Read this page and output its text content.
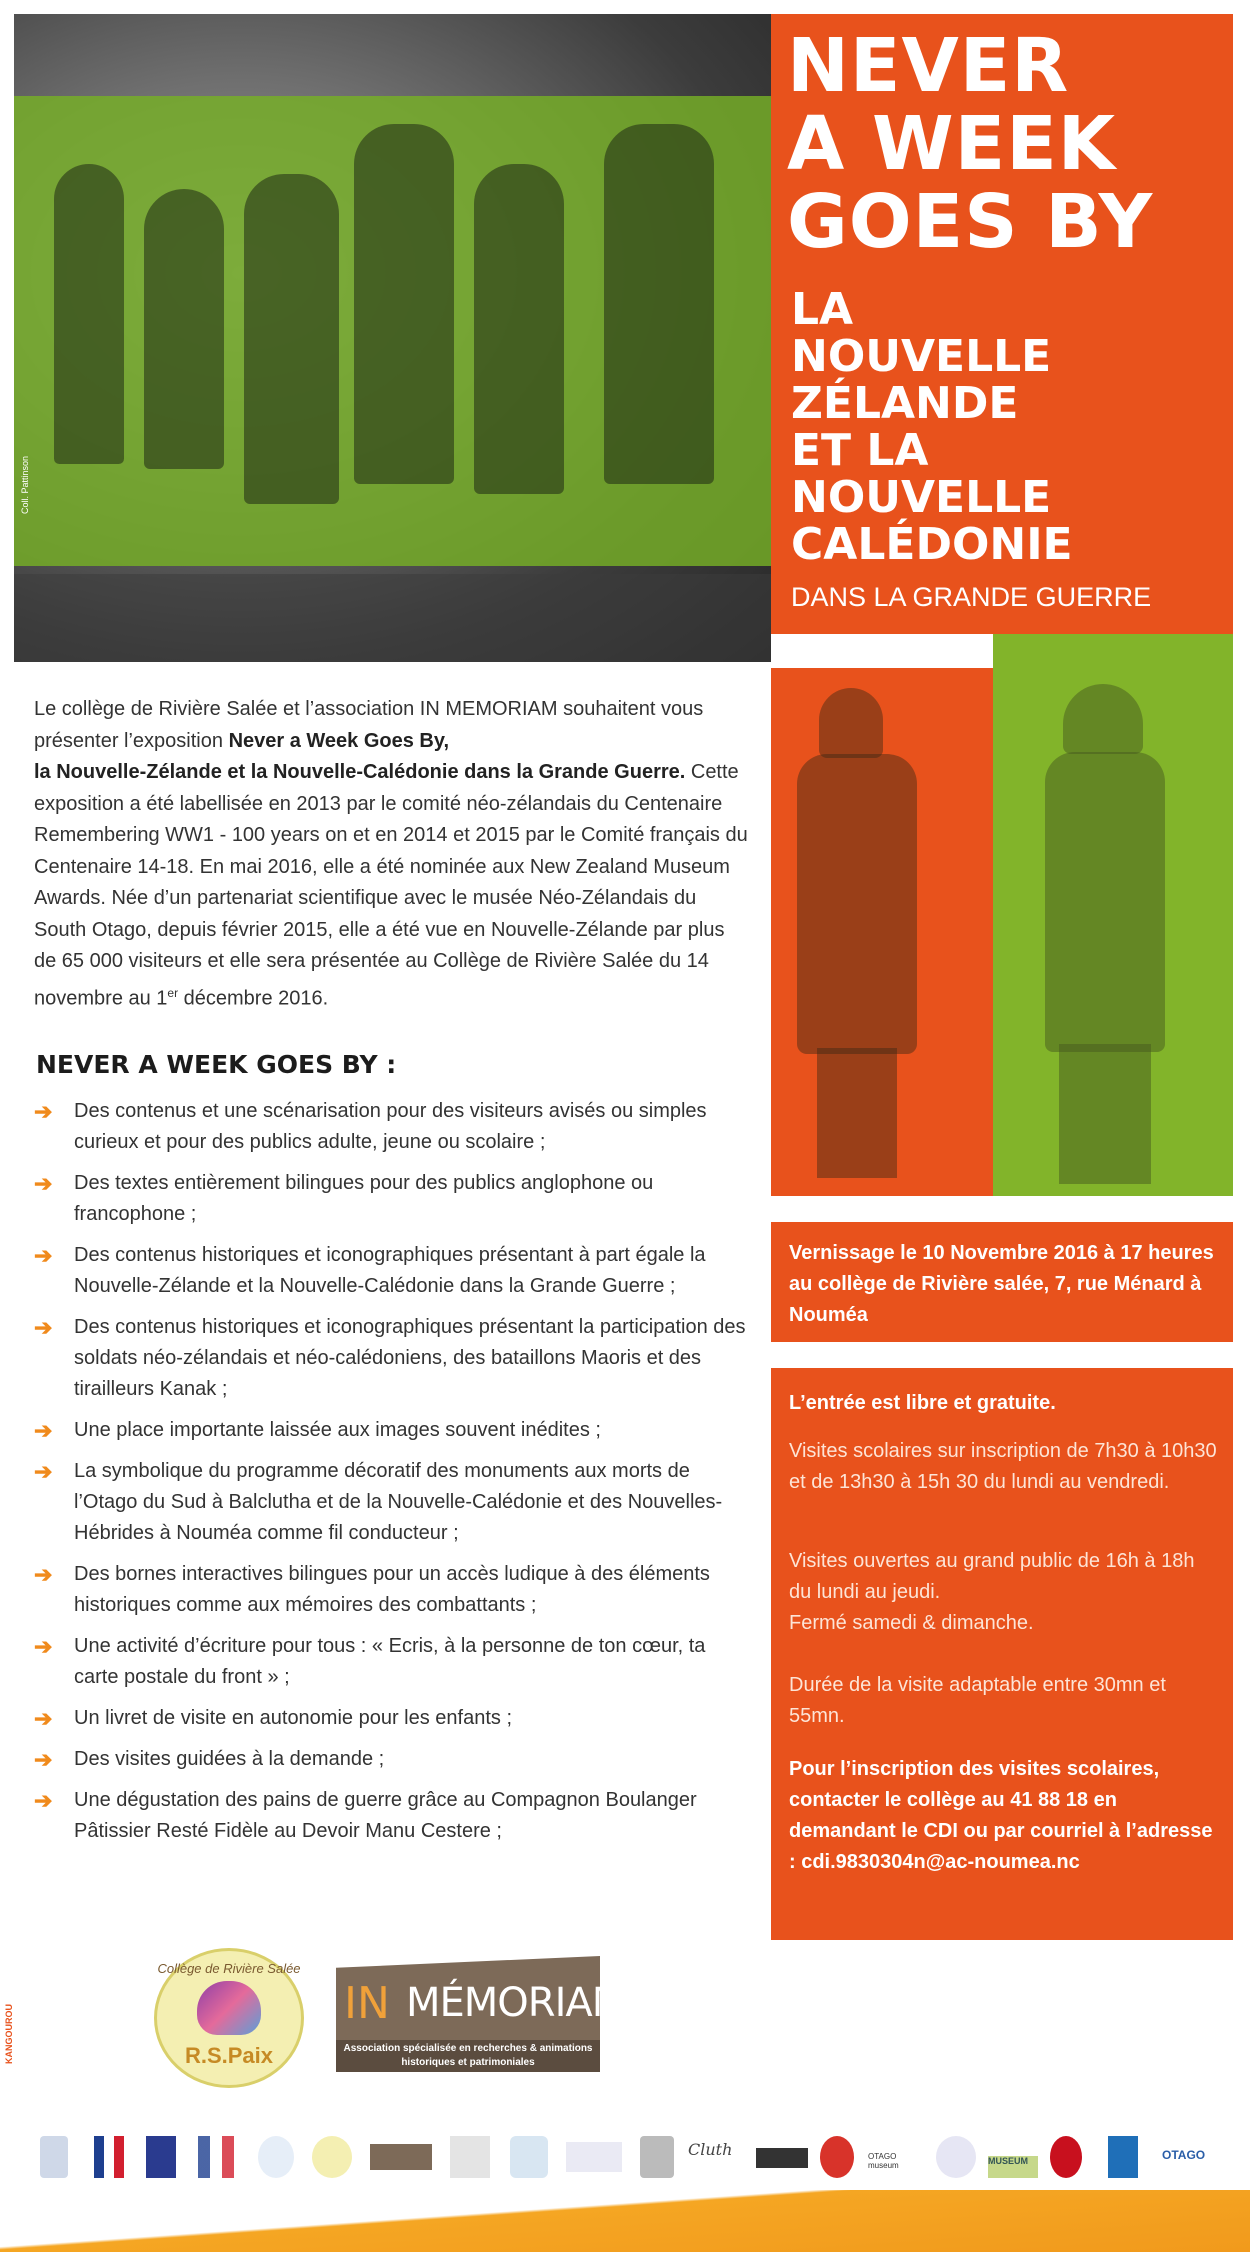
Coll. Pattinson
NEVER
A WEEK
GOES BY
LA
NOUVELLE
ZÉLANDE
ET LA
NOUVELLE
CALÉDONIE
DANS LA GRANDE GUERRE
Le collège de Rivière Salée et l’association IN MEMORIAM souhaitent vous présenter l’exposition Never a Week Goes By,
la Nouvelle-Zélande et la Nouvelle-Calédonie dans la Grande Guerre. Cette exposition a été labellisée en 2013 par le comité néo-zélandais du Centenaire Remembering WW1 - 100 years on et en 2014 et 2015 par le Comité français du Centenaire 14-18. En mai 2016, elle a été nominée aux New Zealand Museum Awards. Née d’un partenariat scientifique avec le musée Néo-Zélandais du South Otago, depuis février 2015, elle a été vue en Nouvelle-Zélande par plus de 65 000 visiteurs et elle sera présentée au Collège de Rivière Salée du 14 novembre au 1er décembre 2016.
NEVER A WEEK GOES BY :
➔ Des contenus et une scénarisation pour des visiteurs avisés ou simples curieux et pour des publics adulte, jeune ou scolaire ;
➔ Des textes entièrement bilingues pour des publics anglophone ou francophone ;
➔ Des contenus historiques et iconographiques présentant à part égale la Nouvelle-Zélande et la Nouvelle-Calédonie dans la Grande Guerre ;
➔ Des contenus historiques et iconographiques présentant la participation des soldats néo-zélandais et néo-calédoniens, des bataillons Maoris et des tirailleurs Kanak ;
➔ Une place importante laissée aux images souvent inédites ;
➔ La symbolique du programme décoratif des monuments aux morts de l’Otago du Sud à Balclutha et de la Nouvelle-Calédonie et des Nouvelles-Hébrides à Nouméa comme fil conducteur ;
➔ Des bornes interactives bilingues pour un accès ludique à des éléments historiques comme aux mémoires des combattants ;
➔ Une activité d’écriture pour tous : « Ecris, à la personne de ton cœur, ta carte postale du front » ;
➔ Un livret de visite en autonomie pour les enfants ;
➔ Des visites guidées à la demande ;
➔ Une dégustation des pains de guerre grâce au Compagnon Boulanger Pâtissier Resté Fidèle au Devoir Manu Cestere ;
Vernissage le 10 Novembre 2016 à 17 heures au collège de Rivière salée, 7, rue Ménard à Nouméa
L’entrée est libre et gratuite.
Visites scolaires sur inscription de 7h30 à 10h30 et de 13h30 à 15h 30 du lundi au vendredi.
Visites ouvertes au grand public de 16h à 18h du lundi au jeudi.
Fermé samedi & dimanche.
Durée de la visite adaptable entre 30mn et 55mn.
Pour l’inscription des visites scolaires, contacter le collège au 41 88 18 en demandant le CDI ou par courriel à l’adresse : cdi.9830304n@ac-noumea.nc
Collège de Rivière Salée
R.S.Paix
IN MÉMORIAM
Association spécialisée en recherches & animations historiques et patrimoniales
KANGOUROU
Cluth	OTAGO museum	MUSEUM	OTAGO
